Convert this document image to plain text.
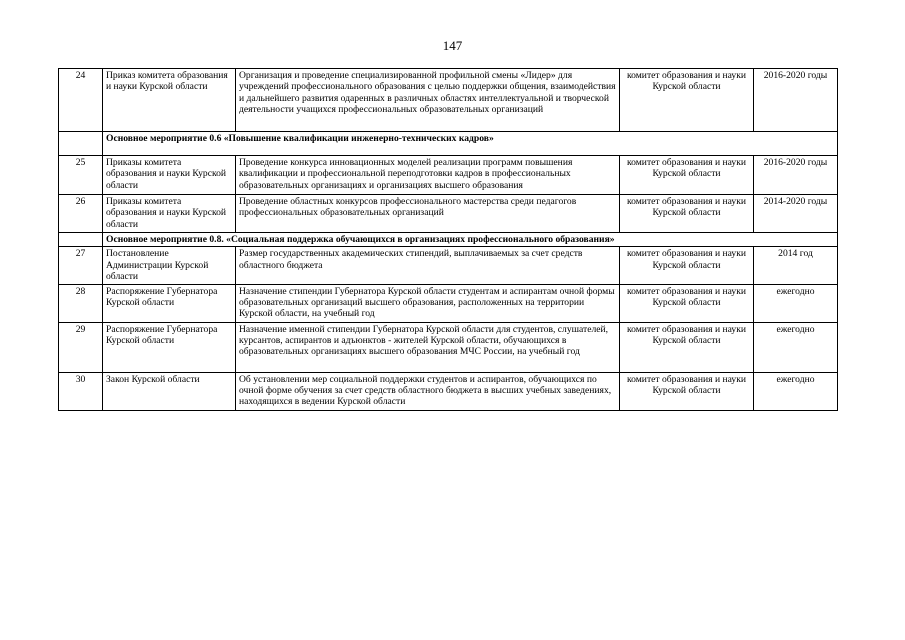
147
24	Приказ комитета образования и науки Курской области	Организация и проведение специализированной профильной смены «Лидер» для учреждений профессионального образования с целью поддержки общения, взаимодействия и дальнейшего развития одаренных в различных областях интеллектуальной и творческой деятельности учащихся профессиональных образовательных организаций	комитет образования и науки Курской области	2016-2020 годы
	Основное мероприятие 0.6 «Повышение квалификации инженерно-технических кадров»			
25	Приказы комитета образования и науки Курской области	Проведение конкурса инновационных моделей реализации программ повышения квалификации и профессиональной переподготовки кадров в профессиональных образовательных организациях и организациях высшего образования	комитет образования и науки Курской области	2016-2020 годы
26	Приказы комитета образования и науки Курской области	Проведение областных конкурсов профессионального мастерства среди педагогов профессиональных образовательных организаций	комитет образования и науки Курской области	2014-2020 годы
	Основное мероприятие 0.8. «Социальная поддержка обучающихся в организациях профессионального образования»			
27	Постановление Администрации Курской области	Размер государственных академических стипендий, выплачиваемых за счет средств областного бюджета	комитет образования и науки Курской области	2014 год
28	Распоряжение Губернатора Курской области	Назначение стипендии Губернатора Курской области студентам и аспирантам очной формы образовательных организаций высшего образования, расположенных на территории Курской области, на учебный год	комитет образования и науки Курской области	ежегодно
29	Распоряжение Губернатора Курской области	Назначение именной стипендии Губернатора Курской области для студентов, слушателей, курсантов, аспирантов и адъюнктов - жителей Курской области, обучающихся в образовательных организациях высшего образования МЧС России, на учебный год	комитет образования и науки Курской области	ежегодно
30	Закон Курской области	Об установлении мер социальной поддержки студентов и аспирантов, обучающихся по очной форме обучения за счет средств областного бюджета в высших учебных заведениях, находящихся в ведении Курской области	комитет образования и науки Курской области	ежегодно
